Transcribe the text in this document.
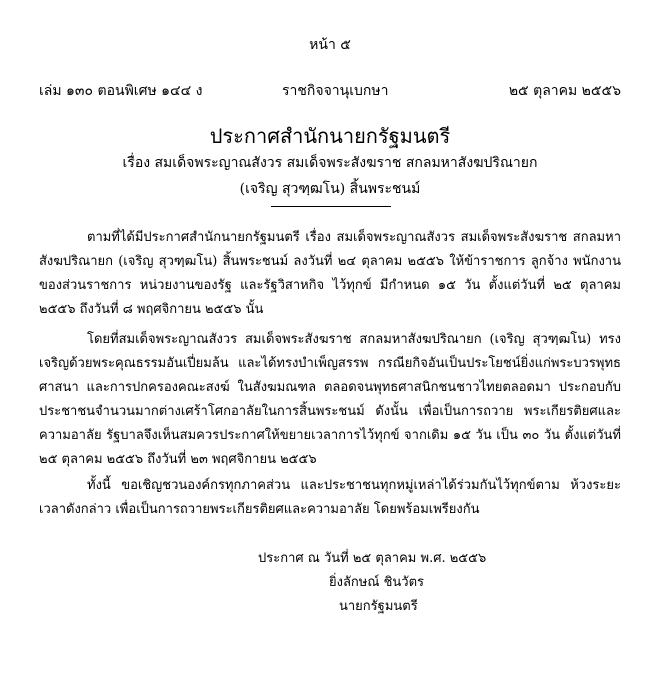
หน้า ๕
เล่ม ๑๓๐ ตอนพิเศษ ๑๔๔ ง	ราชกิจจานุเบกษา	๒๕ ตุลาคม ๒๕๕๖
ประกาศสำนักนายกรัฐมนตรี
เรื่อง สมเด็จพระญาณสังวร สมเด็จพระสังฆราช สกลมหาสังฆปริณายก
(เจริญ สุวฑฺฒโน) สิ้นพระชนม์

ตามที่ได้มีประกาศสำนักนายกรัฐมนตรี เรื่อง สมเด็จพระญาณสังวร สมเด็จพระสังฆราช สกลมหาสังฆปริณายก (เจริญ สุวฑฺฒโน) สิ้นพระชนม์ ลงวันที่ ๒๔ ตุลาคม ๒๕๕๖ ให้ข้าราชการ ลูกจ้าง พนักงานของส่วนราชการ หน่วยงานของรัฐ และรัฐวิสาหกิจ ไว้ทุกข์ มีกำหนด ๑๕ วัน ตั้งแต่วันที่ ๒๕ ตุลาคม ๒๕๕๖ ถึงวันที่ ๘ พฤศจิกายน ๒๕๕๖ นั้น

โดยที่สมเด็จพระญาณสังวร สมเด็จพระสังฆราช สกลมหาสังฆปริณายก (เจริญ สุวฑฺฒโน) ทรงเจริญด้วยพระคุณธรรมอันเปี่ยมล้น และได้ทรงบำเพ็ญสรรพ กรณียกิจอันเป็นประโยชน์ยิ่งแก่พระบวรพุทธศาสนา และการปกครองคณะสงฆ์ ในสังฆมณฑล ตลอดจนพุทธศาสนิกชนชาวไทยตลอดมา ประกอบกับประชาชนจำนวนมากต่างเศร้าโศกอาลัยในการสิ้นพระชนม์ ดังนั้น เพื่อเป็นการถวาย พระเกียรติยศและความอาลัย รัฐบาลจึงเห็นสมควรประกาศให้ขยายเวลาการไว้ทุกข์ จากเดิม ๑๕ วัน เป็น ๓๐ วัน ตั้งแต่วันที่ ๒๕ ตุลาคม ๒๕๕๖ ถึงวันที่ ๒๓ พฤศจิกายน ๒๕๕๖

ทั้งนี้ ขอเชิญชวนองค์กรทุกภาคส่วน และประชาชนทุกหมู่เหล่าได้ร่วมกันไว้ทุกข์ตาม ห้วงระยะเวลาดังกล่าว เพื่อเป็นการถวายพระเกียรติยศและความอาลัย โดยพร้อมเพรียงกัน

ประกาศ ณ วันที่ ๒๕ ตุลาคม พ.ศ. ๒๕๕๖
ยิ่งลักษณ์ ชินวัตร
นายกรัฐมนตรี
